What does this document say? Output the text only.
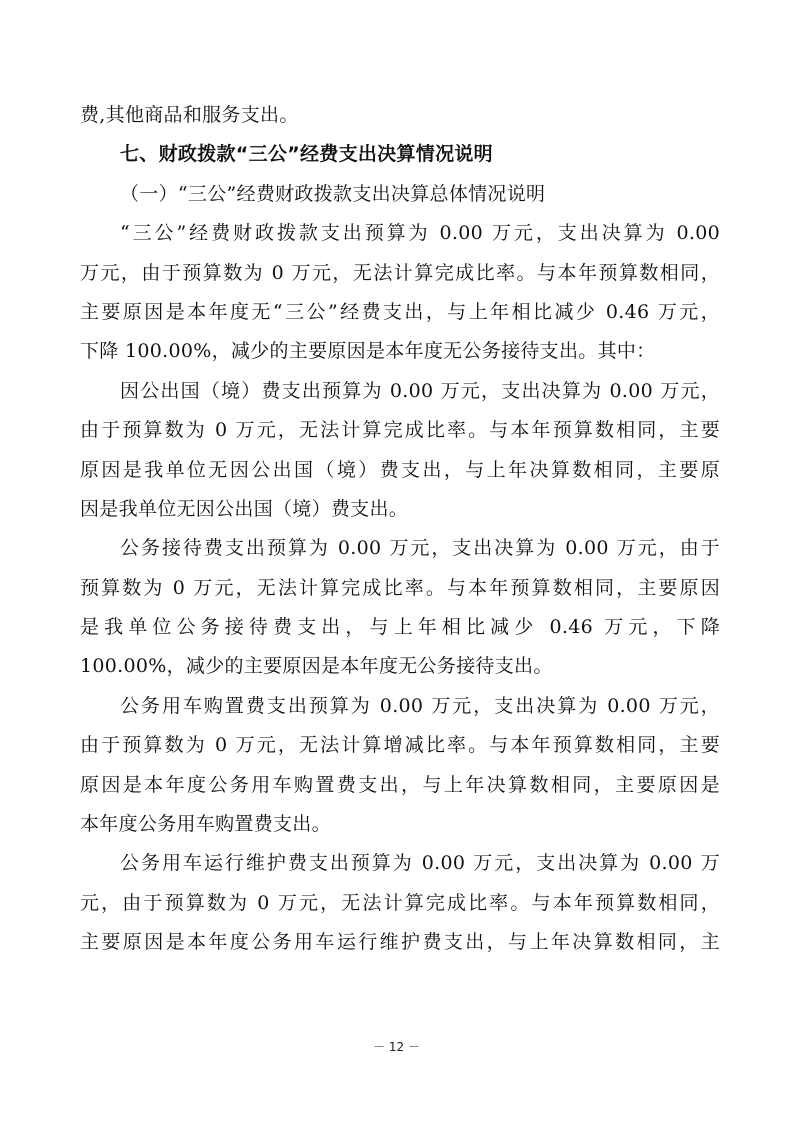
费,其他商品和服务支出。
七、财政拨款“三公”经费支出决算情况说明
（一）“三公”经费财政拨款支出决算总体情况说明
“三公”经费财政拨款支出预算为 0.00 万元，支出决算为 0.00
万元，由于预算数为 0 万元，无法计算完成比率。与本年预算数相同，
主要原因是本年度无“三公”经费支出，与上年相比减少 0.46 万元，
下降 100.00%，减少的主要原因是本年度无公务接待支出。其中：
因公出国（境）费支出预算为 0.00 万元，支出决算为 0.00 万元，
由于预算数为 0 万元，无法计算完成比率。与本年预算数相同，主要
原因是我单位无因公出国（境）费支出，与上年决算数相同，主要原
因是我单位无因公出国（境）费支出。
公务接待费支出预算为 0.00 万元，支出决算为 0.00 万元，由于
预算数为 0 万元，无法计算完成比率。与本年预算数相同，主要原因
是我单位公务接待费支出，与上年相比减少 0.46 万元，下降
100.00%，减少的主要原因是本年度无公务接待支出。
公务用车购置费支出预算为 0.00 万元，支出决算为 0.00 万元，
由于预算数为 0 万元，无法计算增减比率。与本年预算数相同，主要
原因是本年度公务用车购置费支出，与上年决算数相同，主要原因是
本年度公务用车购置费支出。
公务用车运行维护费支出预算为 0.00 万元，支出决算为 0.00 万
元，由于预算数为 0 万元，无法计算完成比率。与本年预算数相同，
主要原因是本年度公务用车运行维护费支出，与上年决算数相同，主
－ 12 －
